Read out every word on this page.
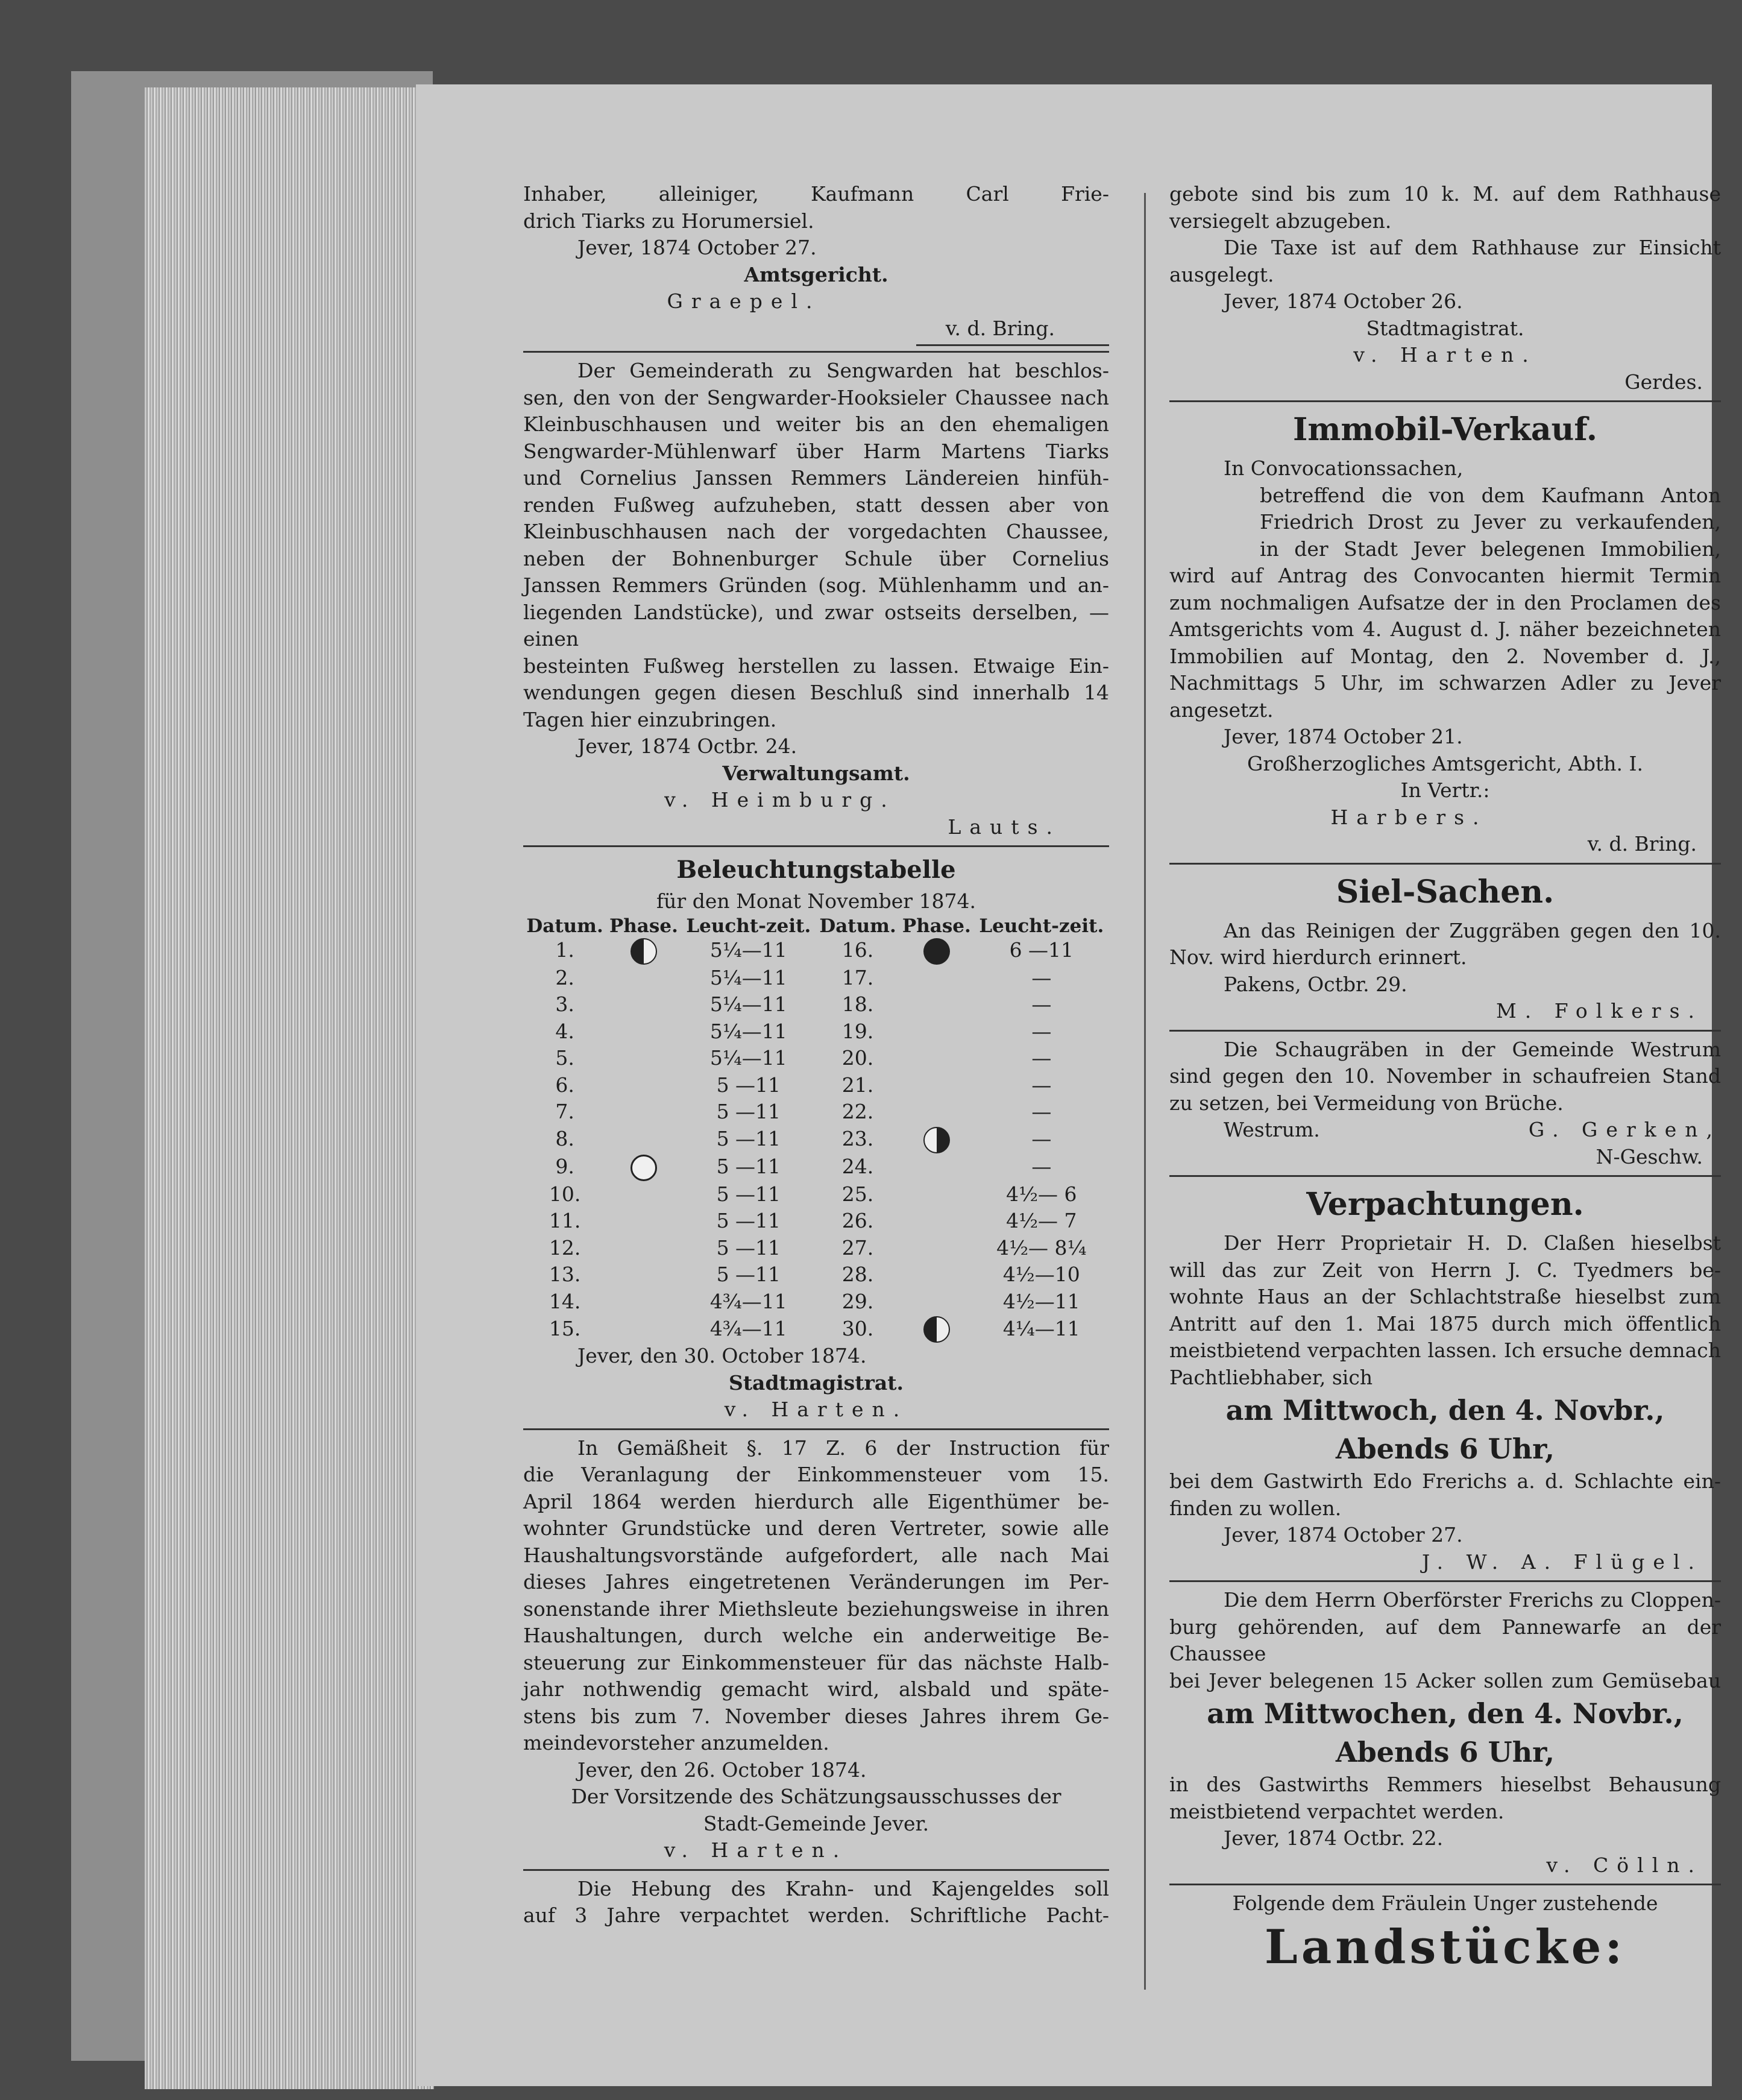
Inhaber, alleiniger, Kaufmann Carl Frie-

drich Tiarks zu Horumersiel.

Jever, 1874 October 27.

Amtsgericht.

Graepel.

v. d. Bring.

Der Gemeinderath zu Sengwarden hat beschlos-

sen, den von der Sengwarder-Hooksieler Chaussee nach

Kleinbuschhausen und weiter bis an den ehemaligen

Sengwarder-Mühlenwarf über Harm Martens Tiarks

und Cornelius Janssen Remmers Ländereien hinfüh-

renden Fußweg aufzuheben, statt dessen aber von

Kleinbuschhausen nach der vorgedachten Chaussee,

neben der Bohnenburger Schule über Cornelius

Janssen Remmers Gründen (sog. Mühlenhamm und an-

liegenden Landstücke), und zwar ostseits derselben, — einen

besteinten Fußweg herstellen zu lassen. Etwaige Ein-

wendungen gegen diesen Beschluß sind innerhalb 14

Tagen hier einzubringen.

Jever, 1874 Octbr. 24.

Verwaltungsamt.

v. Heimburg.

Lauts.

Beleuchtungstabelle

für den Monat November 1874.

Datum.	Phase.	Leucht-zeit.	Datum.	Phase.	Leucht-zeit.
1.		5¼—11	16.		6 —11
2.		5¼—11	17.		—
3.		5¼—11	18.		—
4.		5¼—11	19.		—
5.		5¼—11	20.		—
6.		5 —11	21.		—
7.		5 —11	22.		—
8.		5 —11	23.		—
9.		5 —11	24.		—
10.		5 —11	25.		4½— 6
11.		5 —11	26.		4½— 7
12.		5 —11	27.		4½— 8¼
13.		5 —11	28.		4½—10
14.		4¾—11	29.		4½—11
15.		4¾—11	30.		4¼—11

Jever, den 30. October 1874.

Stadtmagistrat.

v. Harten.

In Gemäßheit §. 17 Z. 6 der Instruction für

die Veranlagung der Einkommensteuer vom 15.

April 1864 werden hierdurch alle Eigenthümer be-

wohnter Grundstücke und deren Vertreter, sowie alle

Haushaltungsvorstände aufgefordert, alle nach Mai

dieses Jahres eingetretenen Veränderungen im Per-

sonenstande ihrer Miethsleute beziehungsweise in ihren

Haushaltungen, durch welche ein anderweitige Be-

steuerung zur Einkommensteuer für das nächste Halb-

jahr nothwendig gemacht wird, alsbald und späte-

stens bis zum 7. November dieses Jahres ihrem Ge-

meindevorsteher anzumelden.

Jever, den 26. October 1874.

Der Vorsitzende des Schätzungsausschusses der

Stadt-Gemeinde Jever.

v. Harten.

Die Hebung des Krahn- und Kajengeldes soll

auf 3 Jahre verpachtet werden. Schriftliche Pacht-

gebote sind bis zum 10 k. M. auf dem Rathhause

versiegelt abzugeben.

Die Taxe ist auf dem Rathhause zur Einsicht

ausgelegt.

Jever, 1874 October 26.

Stadtmagistrat.

v. Harten.

Gerdes.

Immobil-Verkauf.

In Convocationssachen,

betreffend die von dem Kaufmann Anton

Friedrich Drost zu Jever zu verkaufenden,

in der Stadt Jever belegenen Immobilien,

wird auf Antrag des Convocanten hiermit Termin

zum nochmaligen Aufsatze der in den Proclamen des

Amtsgerichts vom 4. August d. J. näher bezeichneten

Immobilien auf Montag, den 2. November d. J.,

Nachmittags 5 Uhr, im schwarzen Adler zu Jever

angesetzt.

Jever, 1874 October 21.

Großherzogliches Amtsgericht, Abth. I.

In Vertr.:

Harbers.

v. d. Bring.

Siel-Sachen.

An das Reinigen der Zuggräben gegen den 10.

Nov. wird hierdurch erinnert.

Pakens, Octbr. 29.

M. Folkers.

Die Schaugräben in der Gemeinde Westrum

sind gegen den 10. November in schaufreien Stand

zu setzen, bei Vermeidung von Brüche.

Westrum.	G. Gerken,

N-Geschw.

Verpachtungen.

Der Herr Proprietair H. D. Claßen hieselbst

will das zur Zeit von Herrn J. C. Tyedmers be-

wohnte Haus an der Schlachtstraße hieselbst zum

Antritt auf den 1. Mai 1875 durch mich öffentlich

meistbietend verpachten lassen. Ich ersuche demnach

Pachtliebhaber, sich

am Mittwoch, den 4. Novbr.,
Abends 6 Uhr,

bei dem Gastwirth Edo Frerichs a. d. Schlachte ein-

finden zu wollen.

Jever, 1874 October 27.

J. W. A. Flügel.

Die dem Herrn Oberförster Frerichs zu Cloppen-

burg gehörenden, auf dem Pannewarfe an der Chaussee

bei Jever belegenen 15 Acker sollen zum Gemüsebau

am Mittwochen, den 4. Novbr.,
Abends 6 Uhr,

in des Gastwirths Remmers hieselbst Behausung

meistbietend verpachtet werden.

Jever, 1874 Octbr. 22.

v. Cölln.

Folgende dem Fräulein Unger zustehende

Landstücke:
